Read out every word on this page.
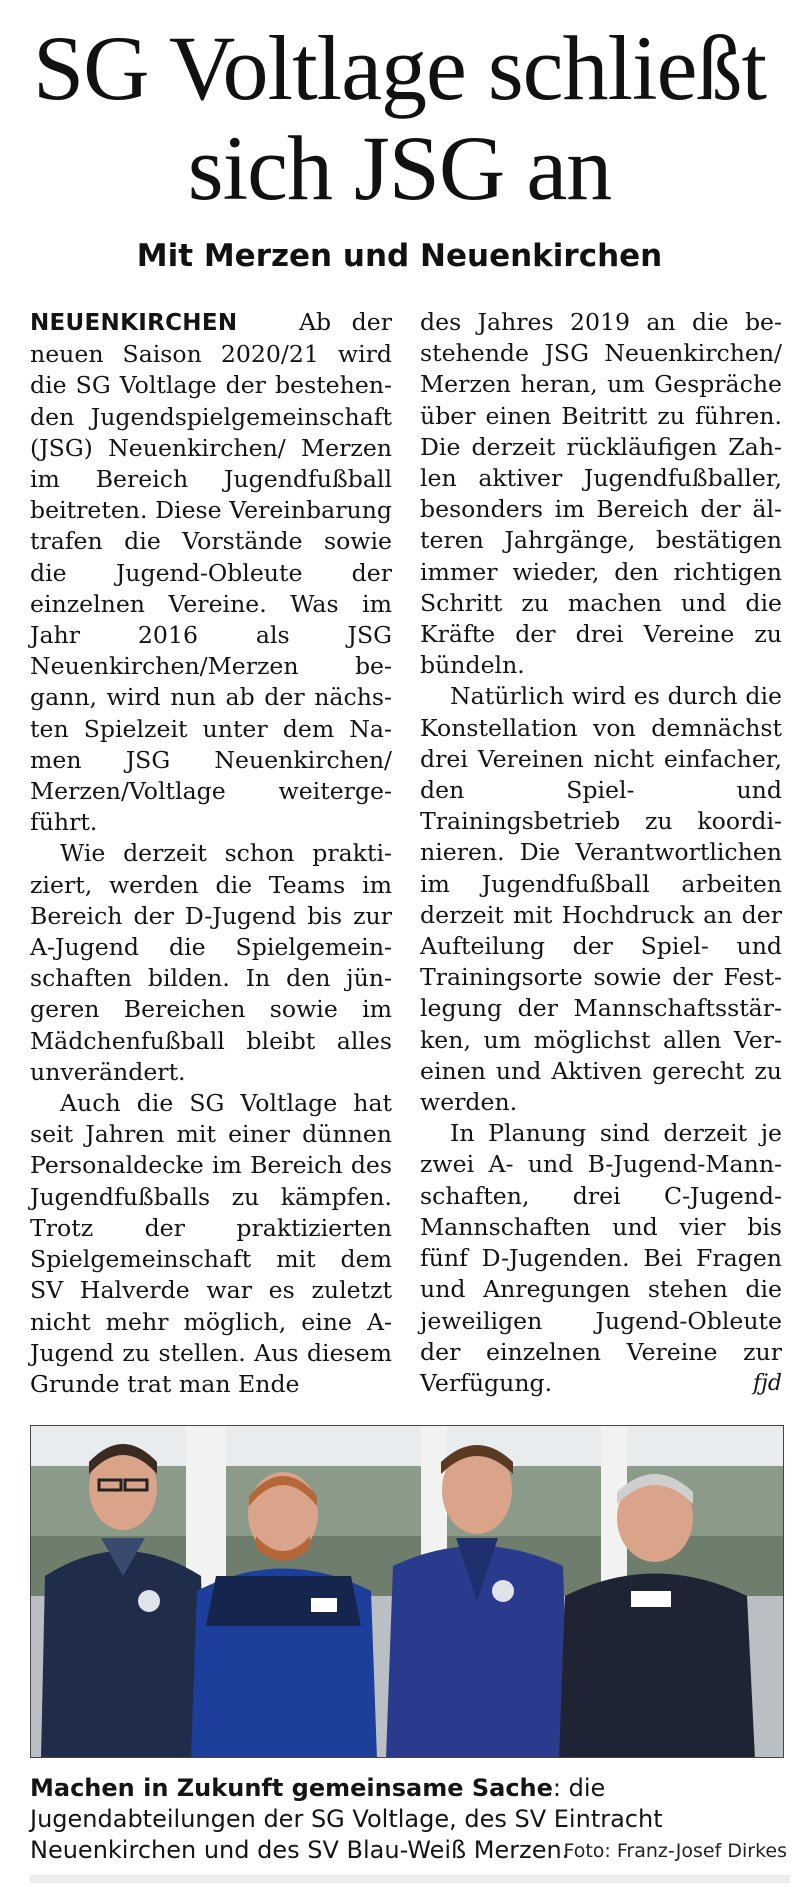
SG Voltlage schließt
sich JSG an
Mit Merzen und Neuenkirchen

NEUENKIRCHEN	Ab der neuen Saison 2020/21 wird die SG Voltlage der bestehenden Jugendspielgemeinschaft (JSG) Neuenkirchen/ Merzen im Bereich Jugendfußball beitreten. Diese Vereinbarung trafen die Vorstände sowie die Jugend-Obleute der einzelnen Vereine. Was im Jahr 2016 als JSG Neuenkirchen/Merzen begann, wird nun ab der nächsten Spielzeit unter dem Namen JSG Neuenkirchen/ Merzen/Voltlage weitergeführt.

Wie derzeit schon praktiziert, werden die Teams im Bereich der D-Jugend bis zur A-Jugend die Spielgemeinschaften bilden. In den jüngeren Bereichen sowie im Mädchenfußball bleibt alles unverändert.

Auch die SG Voltlage hat seit Jahren mit einer dünnen Personaldecke im Bereich des Jugendfußballs zu kämpfen. Trotz der praktizierten Spielgemeinschaft mit dem SV Halverde war es zuletzt nicht mehr möglich, eine A-Jugend zu stellen. Aus diesem Grunde trat man Ende

des Jahres 2019 an die bestehende JSG Neuenkirchen/ Merzen heran, um Gespräche über einen Beitritt zu führen. Die derzeit rückläufigen Zahlen aktiver Jugendfußballer, besonders im Bereich der älteren Jahrgänge, bestätigen immer wieder, den richtigen Schritt zu machen und die Kräfte der drei Vereine zu bündeln.

Natürlich wird es durch die Konstellation von demnächst drei Vereinen nicht einfacher, den Spiel- und Trainingsbetrieb zu koordinieren. Die Verantwortlichen im Jugendfußball arbeiten derzeit mit Hochdruck an der Aufteilung der Spiel- und Trainingsorte sowie der Festlegung der Mannschaftsstärken, um möglichst allen Vereinen und Aktiven gerecht zu werden.

In Planung sind derzeit je zwei A- und B-Jugend-Mannschaften, drei C-Jugend-Mannschaften und vier bis fünf D-Jugenden. Bei Fragen und Anregungen stehen die jeweiligen Jugend-Obleute der einzelnen Vereine zur Verfügung.	fjd

Machen in Zukunft gemeinsame Sache: die Jugendabteilungen der SG Voltlage, des SV Eintracht Neuenkirchen und des SV Blau-Weiß Merzen.
Foto: Franz-Josef Dirkes
